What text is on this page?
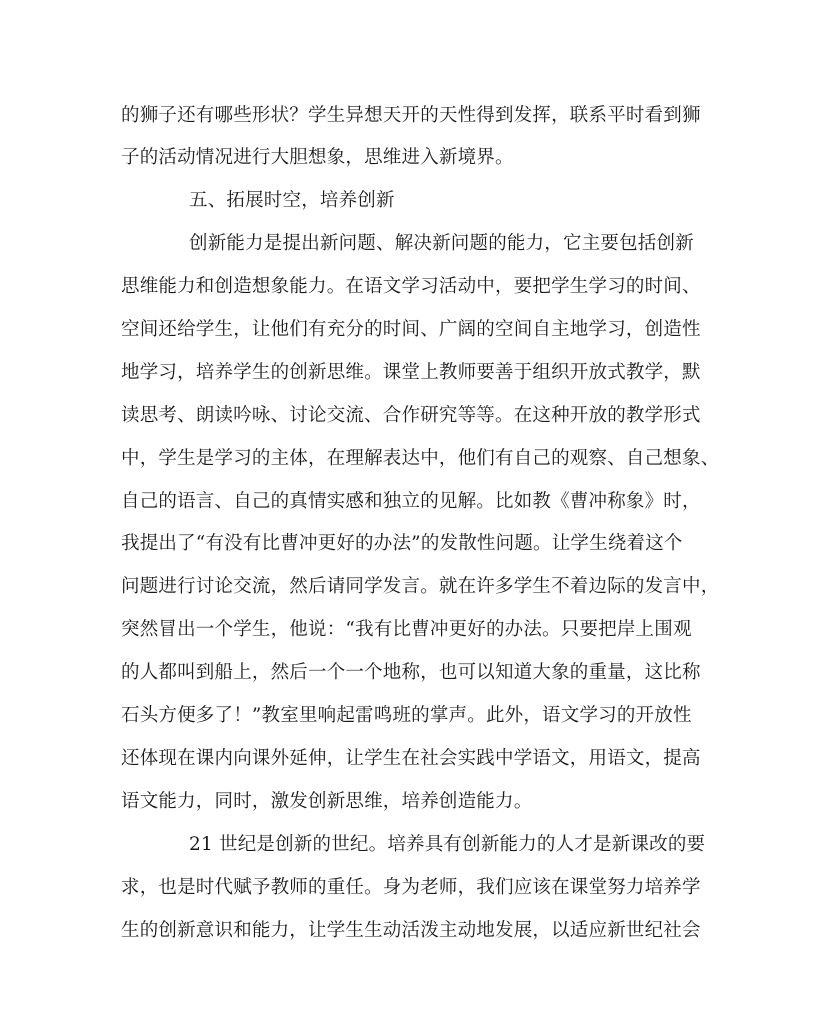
的狮子还有哪些形状？学生异想天开的天性得到发挥，联系平时看到狮
子的活动情况进行大胆想象，思维进入新境界。
五、拓展时空，培养创新
创新能力是提出新问题、解决新问题的能力，它主要包括创新
思维能力和创造想象能力。在语文学习活动中，要把学生学习的时间、
空间还给学生，让他们有充分的时间、广阔的空间自主地学习，创造性
地学习，培养学生的创新思维。课堂上教师要善于组织开放式教学，默
读思考、朗读吟咏、讨论交流、合作研究等等。在这种开放的教学形式
中，学生是学习的主体，在理解表达中，他们有自己的观察、自己想象、
自己的语言、自己的真情实感和独立的见解。比如教《曹冲称象》时，
我提出了“有没有比曹冲更好的办法”的发散性问题。让学生绕着这个
问题进行讨论交流，然后请同学发言。就在许多学生不着边际的发言中，
突然冒出一个学生，他说：“我有比曹冲更好的办法。只要把岸上围观
的人都叫到船上，然后一个一个地称，也可以知道大象的重量，这比称
石头方便多了！”教室里响起雷鸣班的掌声。此外，语文学习的开放性
还体现在课内向课外延伸，让学生在社会实践中学语文，用语文，提高
语文能力，同时，激发创新思维，培养创造能力。
21 世纪是创新的世纪。培养具有创新能力的人才是新课改的要
求，也是时代赋予教师的重任。身为老师，我们应该在课堂努力培养学
生的创新意识和能力，让学生生动活泼主动地发展，以适应新世纪社会
